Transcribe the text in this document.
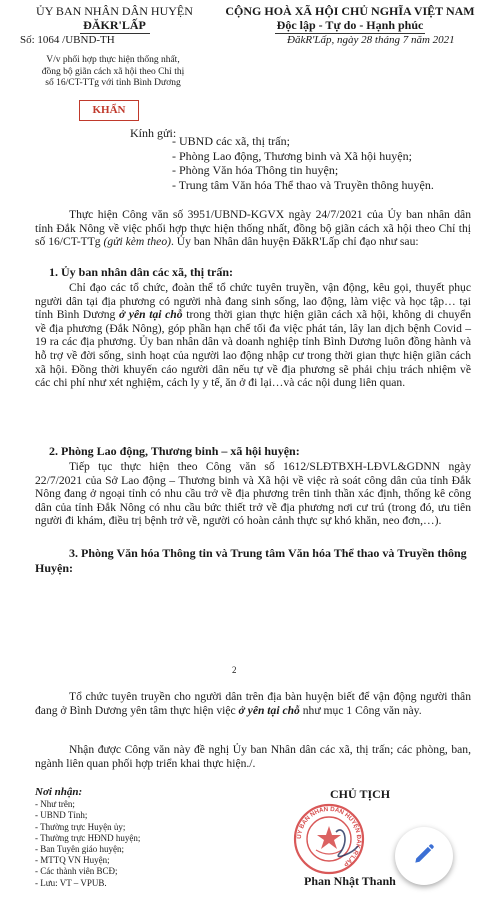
ỦY BAN NHÂN DÂN HUYỆN
ĐĂKR'LẤP
CỘNG HOÀ XÃ HỘI CHỦ NGHĨA VIỆT NAM
Độc lập - Tự do - Hạnh phúc
Số: 1064 /UBND-TH	ĐăkR'Lấp, ngày 28 tháng 7 năm 2021
V/v phối hợp thực hiện thống nhất,
đồng bộ giãn cách xã hội theo Chỉ thị
số 16/CT-TTg với tỉnh Bình Dương
KHẨN
Kính gửi:
- UBND các xã, thị trấn;
- Phòng Lao động, Thương binh và Xã hội huyện;
- Phòng Văn hóa Thông tin huyện;
- Trung tâm Văn hóa Thể thao và Truyền thông huyện.
Thực hiện Công văn số 3951/UBND-KGVX ngày 24/7/2021 của Ủy ban nhân dân tỉnh Đắk Nông về việc phối hợp thực hiện thống nhất, đồng bộ giãn cách xã hội theo Chỉ thị số 16/CT-TTg (gửi kèm theo). Ủy ban Nhân dân huyện ĐăkR'Lấp chỉ đạo như sau:
1. Ủy ban nhân dân các xã, thị trấn:
Chỉ đạo các tổ chức, đoàn thể tổ chức tuyên truyền, vận động, kêu gọi, thuyết phục người dân tại địa phương có người nhà đang sinh sống, lao động, làm việc và học tập… tại tỉnh Bình Dương ở yên tại chỗ trong thời gian thực hiện giãn cách xã hội, không di chuyển về địa phương (Đắk Nông), góp phần hạn chế tối đa việc phát tán, lây lan dịch bệnh Covid – 19 ra các địa phương. Ủy ban nhân dân và doanh nghiệp tỉnh Bình Dương luôn đồng hành và hỗ trợ về đời sống, sinh hoạt của người lao động nhập cư trong thời gian thực hiện giãn cách xã hội. Đồng thời khuyến cáo người dân nếu tự về địa phương sẽ phải chịu trách nhiệm về các chi phí như xét nghiệm, cách ly y tế, ăn ở đi lại…và các nội dung liên quan.
2. Phòng Lao động, Thương binh – xã hội huyện:
Tiếp tục thực hiện theo Công văn số 1612/SLĐTBXH-LĐVL&GDNN ngày 22/7/2021 của Sở Lao động – Thương binh và Xã hội về việc rà soát công dân của tỉnh Đắk Nông đang ở ngoại tỉnh có nhu cầu trở về địa phương trên tinh thần xác định, thống kê công dân của tỉnh Đắk Nông có nhu cầu bức thiết trở về địa phương nơi cư trú (trong đó, ưu tiên người đi khám, điều trị bệnh trở về, người có hoàn cảnh thực sự khó khăn, neo đơn,…).
3. Phòng Văn hóa Thông tin và Trung tâm Văn hóa Thể thao và Truyền thông Huyện:
2
Tổ chức tuyên truyền cho người dân trên địa bàn huyện biết để vận động người thân đang ở Bình Dương yên tâm thực hiện việc ở yên tại chỗ như mục 1 Công văn này.
Nhận được Công văn này đề nghị Ủy ban Nhân dân các xã, thị trấn; các phòng, ban, ngành liên quan phối hợp triển khai thực hiện./.
Nơi nhận:
- Như trên;
- UBND Tỉnh;
- Thường trực Huyện ủy;
- Thường trực HĐND huyện;
- Ban Tuyên giáo huyện;
- MTTQ VN Huyện;
- Các thành viên BCĐ;
- Lưu: VT – VPUB.
CHỦ TỊCH
ỦY BAN NHÂN DÂN HUYỆN ĐĂK R'LẤP
Phan Nhật Thanh
